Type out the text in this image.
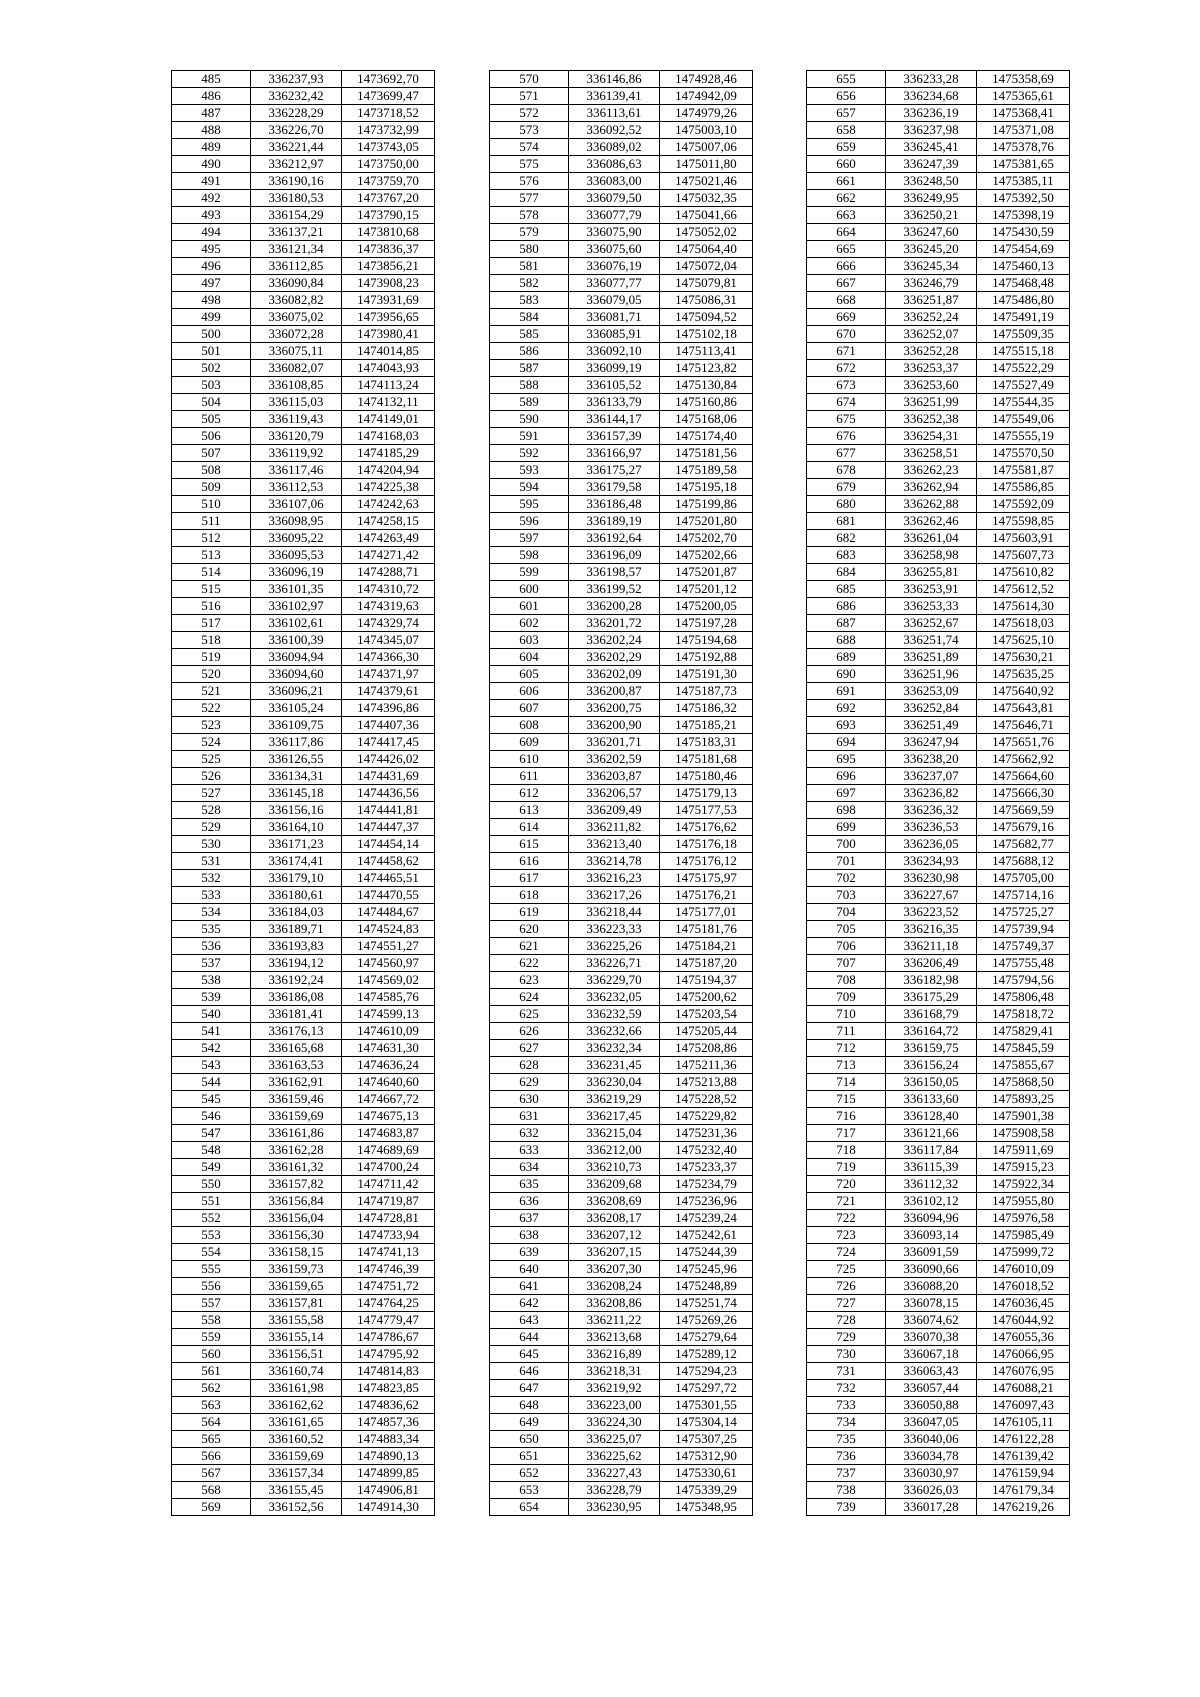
485	336237,93	1473692,70
486	336232,42	1473699,47
487	336228,29	1473718,52
488	336226,70	1473732,99
489	336221,44	1473743,05
490	336212,97	1473750,00
491	336190,16	1473759,70
492	336180,53	1473767,20
493	336154,29	1473790,15
494	336137,21	1473810,68
495	336121,34	1473836,37
496	336112,85	1473856,21
497	336090,84	1473908,23
498	336082,82	1473931,69
499	336075,02	1473956,65
500	336072,28	1473980,41
501	336075,11	1474014,85
502	336082,07	1474043,93
503	336108,85	1474113,24
504	336115,03	1474132,11
505	336119,43	1474149,01
506	336120,79	1474168,03
507	336119,92	1474185,29
508	336117,46	1474204,94
509	336112,53	1474225,38
510	336107,06	1474242,63
511	336098,95	1474258,15
512	336095,22	1474263,49
513	336095,53	1474271,42
514	336096,19	1474288,71
515	336101,35	1474310,72
516	336102,97	1474319,63
517	336102,61	1474329,74
518	336100,39	1474345,07
519	336094,94	1474366,30
520	336094,60	1474371,97
521	336096,21	1474379,61
522	336105,24	1474396,86
523	336109,75	1474407,36
524	336117,86	1474417,45
525	336126,55	1474426,02
526	336134,31	1474431,69
527	336145,18	1474436,56
528	336156,16	1474441,81
529	336164,10	1474447,37
530	336171,23	1474454,14
531	336174,41	1474458,62
532	336179,10	1474465,51
533	336180,61	1474470,55
534	336184,03	1474484,67
535	336189,71	1474524,83
536	336193,83	1474551,27
537	336194,12	1474560,97
538	336192,24	1474569,02
539	336186,08	1474585,76
540	336181,41	1474599,13
541	336176,13	1474610,09
542	336165,68	1474631,30
543	336163,53	1474636,24
544	336162,91	1474640,60
545	336159,46	1474667,72
546	336159,69	1474675,13
547	336161,86	1474683,87
548	336162,28	1474689,69
549	336161,32	1474700,24
550	336157,82	1474711,42
551	336156,84	1474719,87
552	336156,04	1474728,81
553	336156,30	1474733,94
554	336158,15	1474741,13
555	336159,73	1474746,39
556	336159,65	1474751,72
557	336157,81	1474764,25
558	336155,58	1474779,47
559	336155,14	1474786,67
560	336156,51	1474795,92
561	336160,74	1474814,83
562	336161,98	1474823,85
563	336162,62	1474836,62
564	336161,65	1474857,36
565	336160,52	1474883,34
566	336159,69	1474890,13
567	336157,34	1474899,85
568	336155,45	1474906,81
569	336152,56	1474914,30
570	336146,86	1474928,46
571	336139,41	1474942,09
572	336113,61	1474979,26
573	336092,52	1475003,10
574	336089,02	1475007,06
575	336086,63	1475011,80
576	336083,00	1475021,46
577	336079,50	1475032,35
578	336077,79	1475041,66
579	336075,90	1475052,02
580	336075,60	1475064,40
581	336076,19	1475072,04
582	336077,77	1475079,81
583	336079,05	1475086,31
584	336081,71	1475094,52
585	336085,91	1475102,18
586	336092,10	1475113,41
587	336099,19	1475123,82
588	336105,52	1475130,84
589	336133,79	1475160,86
590	336144,17	1475168,06
591	336157,39	1475174,40
592	336166,97	1475181,56
593	336175,27	1475189,58
594	336179,58	1475195,18
595	336186,48	1475199,86
596	336189,19	1475201,80
597	336192,64	1475202,70
598	336196,09	1475202,66
599	336198,57	1475201,87
600	336199,52	1475201,12
601	336200,28	1475200,05
602	336201,72	1475197,28
603	336202,24	1475194,68
604	336202,29	1475192,88
605	336202,09	1475191,30
606	336200,87	1475187,73
607	336200,75	1475186,32
608	336200,90	1475185,21
609	336201,71	1475183,31
610	336202,59	1475181,68
611	336203,87	1475180,46
612	336206,57	1475179,13
613	336209,49	1475177,53
614	336211,82	1475176,62
615	336213,40	1475176,18
616	336214,78	1475176,12
617	336216,23	1475175,97
618	336217,26	1475176,21
619	336218,44	1475177,01
620	336223,33	1475181,76
621	336225,26	1475184,21
622	336226,71	1475187,20
623	336229,70	1475194,37
624	336232,05	1475200,62
625	336232,59	1475203,54
626	336232,66	1475205,44
627	336232,34	1475208,86
628	336231,45	1475211,36
629	336230,04	1475213,88
630	336219,29	1475228,52
631	336217,45	1475229,82
632	336215,04	1475231,36
633	336212,00	1475232,40
634	336210,73	1475233,37
635	336209,68	1475234,79
636	336208,69	1475236,96
637	336208,17	1475239,24
638	336207,12	1475242,61
639	336207,15	1475244,39
640	336207,30	1475245,96
641	336208,24	1475248,89
642	336208,86	1475251,74
643	336211,22	1475269,26
644	336213,68	1475279,64
645	336216,89	1475289,12
646	336218,31	1475294,23
647	336219,92	1475297,72
648	336223,00	1475301,55
649	336224,30	1475304,14
650	336225,07	1475307,25
651	336225,62	1475312,90
652	336227,43	1475330,61
653	336228,79	1475339,29
654	336230,95	1475348,95
655	336233,28	1475358,69
656	336234,68	1475365,61
657	336236,19	1475368,41
658	336237,98	1475371,08
659	336245,41	1475378,76
660	336247,39	1475381,65
661	336248,50	1475385,11
662	336249,95	1475392,50
663	336250,21	1475398,19
664	336247,60	1475430,59
665	336245,20	1475454,69
666	336245,34	1475460,13
667	336246,79	1475468,48
668	336251,87	1475486,80
669	336252,24	1475491,19
670	336252,07	1475509,35
671	336252,28	1475515,18
672	336253,37	1475522,29
673	336253,60	1475527,49
674	336251,99	1475544,35
675	336252,38	1475549,06
676	336254,31	1475555,19
677	336258,51	1475570,50
678	336262,23	1475581,87
679	336262,94	1475586,85
680	336262,88	1475592,09
681	336262,46	1475598,85
682	336261,04	1475603,91
683	336258,98	1475607,73
684	336255,81	1475610,82
685	336253,91	1475612,52
686	336253,33	1475614,30
687	336252,67	1475618,03
688	336251,74	1475625,10
689	336251,89	1475630,21
690	336251,96	1475635,25
691	336253,09	1475640,92
692	336252,84	1475643,81
693	336251,49	1475646,71
694	336247,94	1475651,76
695	336238,20	1475662,92
696	336237,07	1475664,60
697	336236,82	1475666,30
698	336236,32	1475669,59
699	336236,53	1475679,16
700	336236,05	1475682,77
701	336234,93	1475688,12
702	336230,98	1475705,00
703	336227,67	1475714,16
704	336223,52	1475725,27
705	336216,35	1475739,94
706	336211,18	1475749,37
707	336206,49	1475755,48
708	336182,98	1475794,56
709	336175,29	1475806,48
710	336168,79	1475818,72
711	336164,72	1475829,41
712	336159,75	1475845,59
713	336156,24	1475855,67
714	336150,05	1475868,50
715	336133,60	1475893,25
716	336128,40	1475901,38
717	336121,66	1475908,58
718	336117,84	1475911,69
719	336115,39	1475915,23
720	336112,32	1475922,34
721	336102,12	1475955,80
722	336094,96	1475976,58
723	336093,14	1475985,49
724	336091,59	1475999,72
725	336090,66	1476010,09
726	336088,20	1476018,52
727	336078,15	1476036,45
728	336074,62	1476044,92
729	336070,38	1476055,36
730	336067,18	1476066,95
731	336063,43	1476076,95
732	336057,44	1476088,21
733	336050,88	1476097,43
734	336047,05	1476105,11
735	336040,06	1476122,28
736	336034,78	1476139,42
737	336030,97	1476159,94
738	336026,03	1476179,34
739	336017,28	1476219,26
